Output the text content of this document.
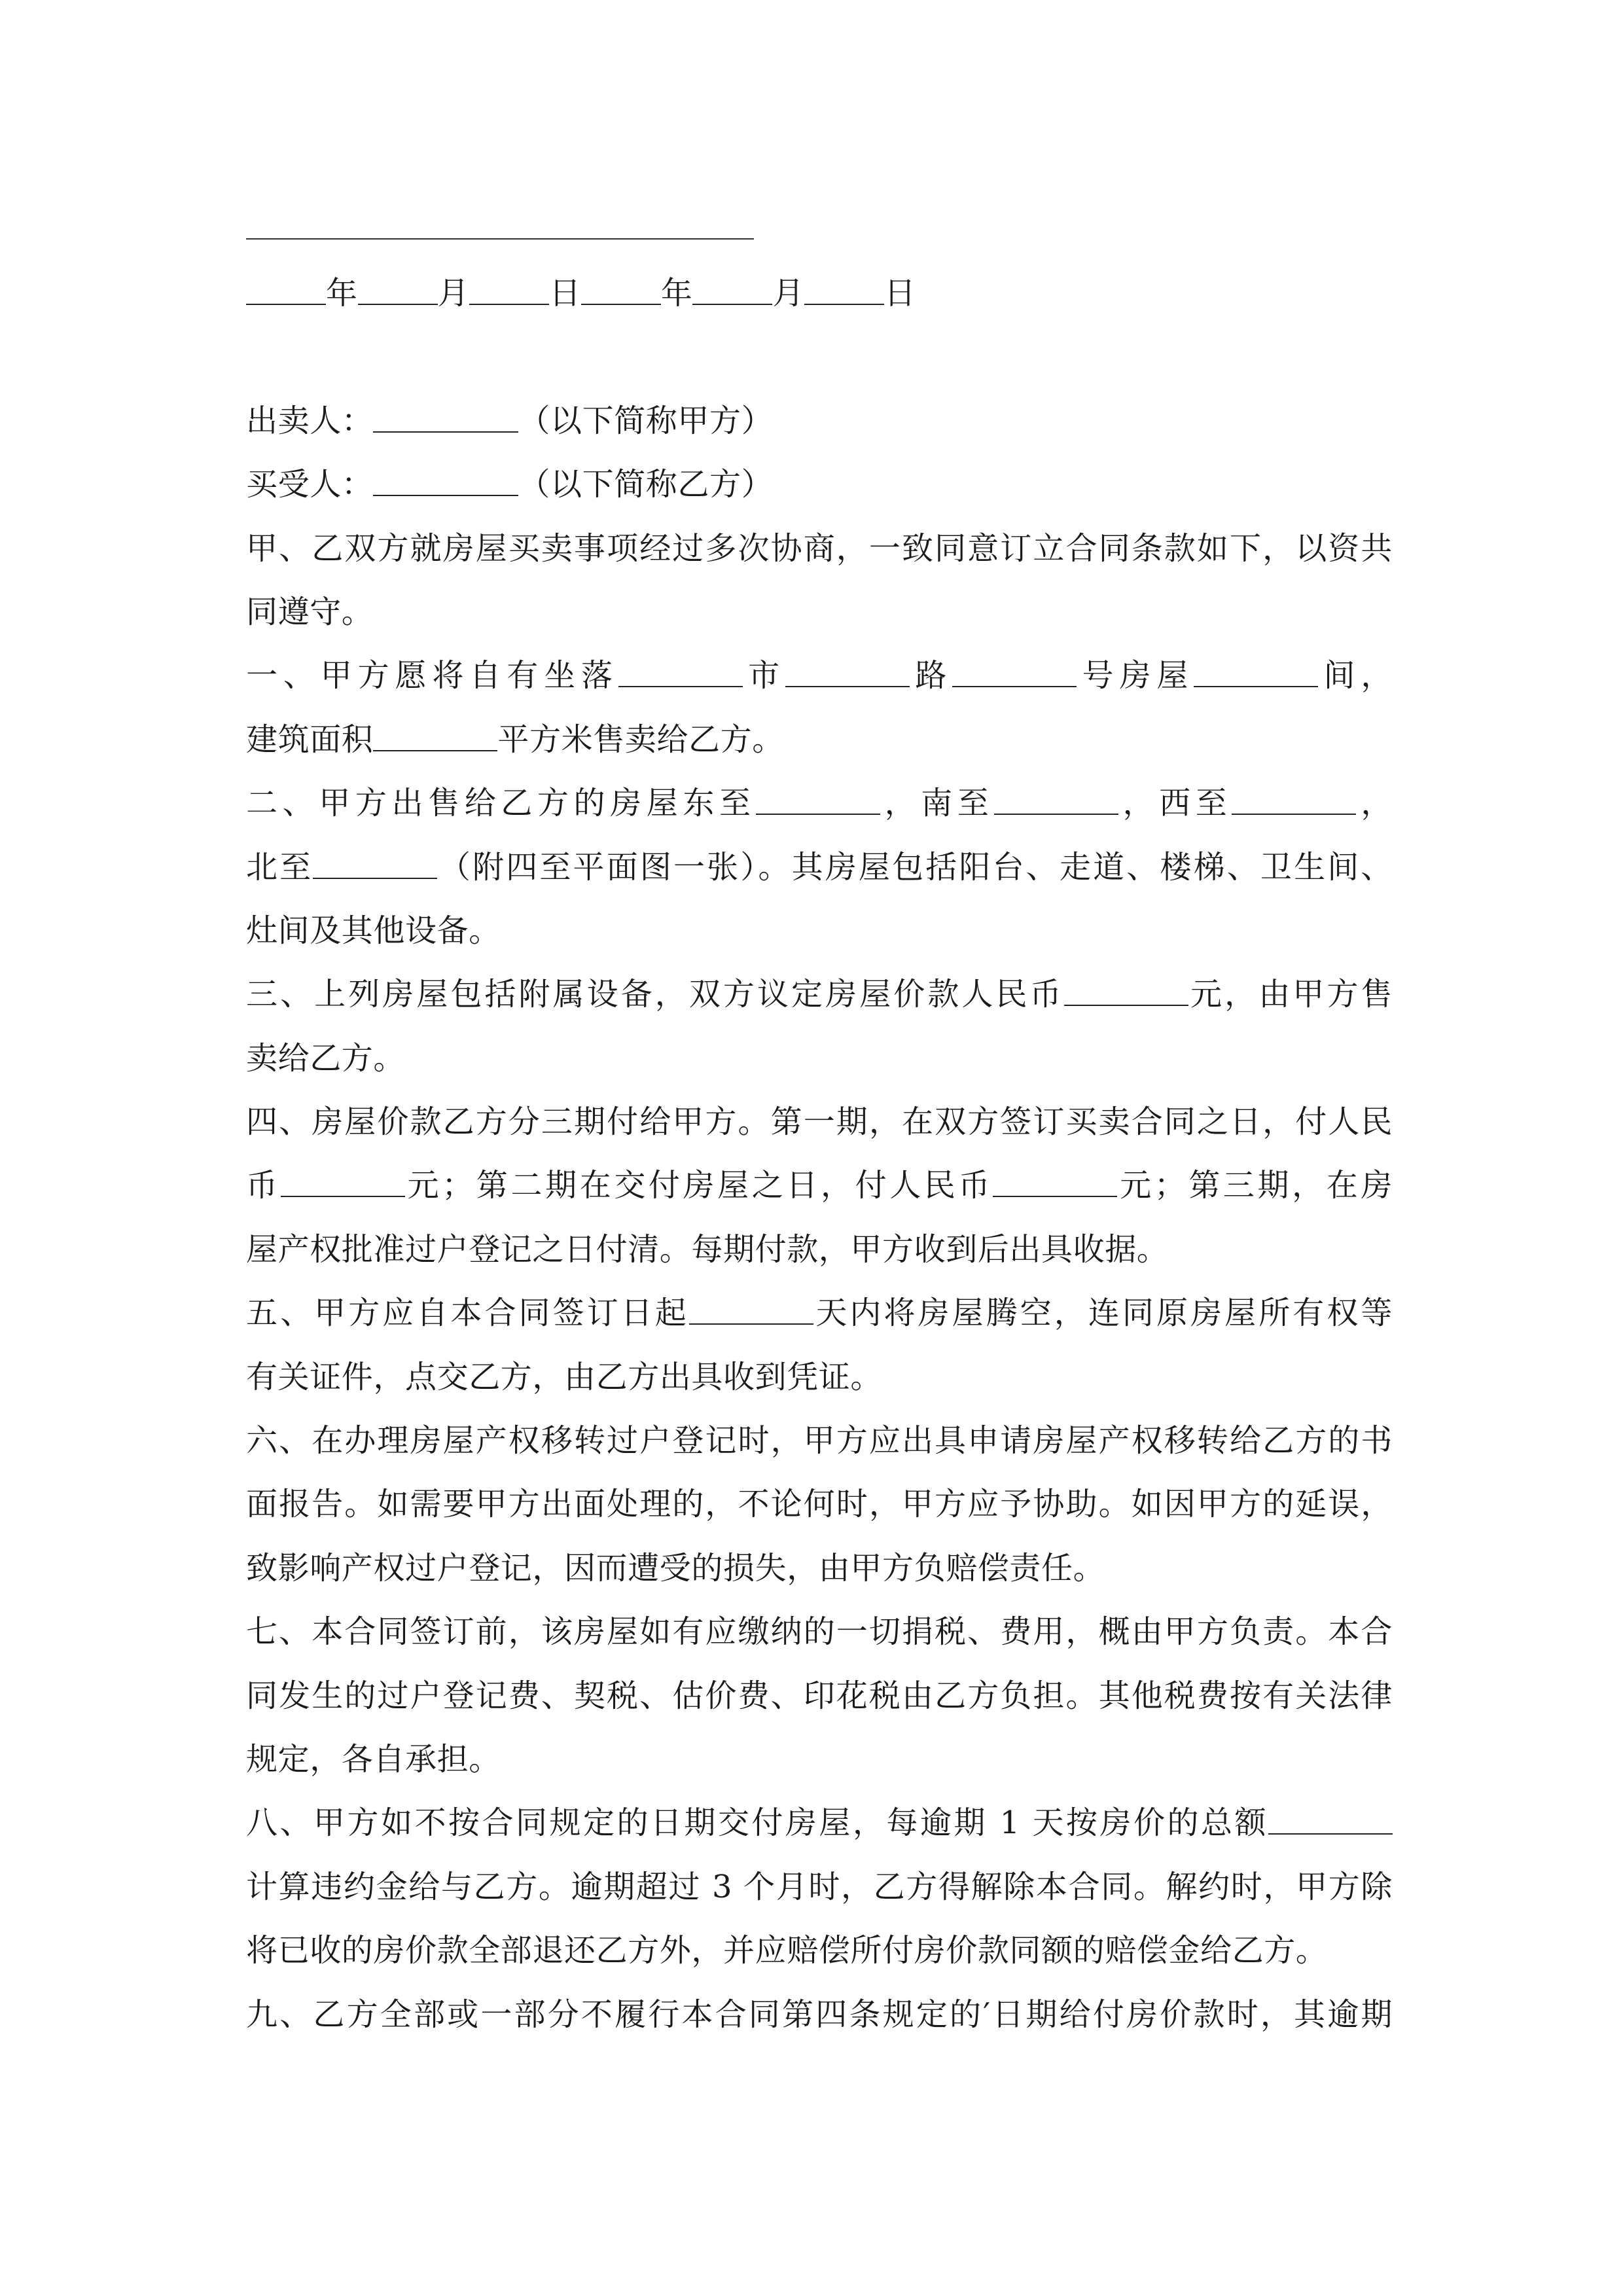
年	月	日	年	月	日
出卖人：	（以下简称甲方）
买受人：	（以下简称乙方）
甲、乙双方就房屋买卖事项经过多次协商，一致同意订立合同条款如下，以资共
同遵守。
一、甲方愿将自有坐落	市	路	号房屋	间，
建筑面积	平方米售卖给乙方。
二、甲方出售给乙方的房屋东至	，南至	，西至	，
北至	（附四至平面图一张）。其房屋包括阳台、走道、楼梯、卫生间、
灶间及其他设备。
三、上列房屋包括附属设备，双方议定房屋价款人民币	元，由甲方售
卖给乙方。
四、房屋价款乙方分三期付给甲方。第一期，在双方签订买卖合同之日，付人民
币	元；第二期在交付房屋之日，付人民币	元；第三期，在房
屋产权批准过户登记之日付清。每期付款，甲方收到后出具收据。
五、甲方应自本合同签订日起	天内将房屋腾空，连同原房屋所有权等
有关证件，点交乙方，由乙方出具收到凭证。
六、在办理房屋产权移转过户登记时，甲方应出具申请房屋产权移转给乙方的书
面报告。如需要甲方出面处理的，不论何时，甲方应予协助。如因甲方的延误，
致影响产权过户登记，因而遭受的损失，由甲方负赔偿责任。
七、本合同签订前，该房屋如有应缴纳的一切捐税、费用，概由甲方负责。本合
同发生的过户登记费、契税、估价费、印花税由乙方负担。其他税费按有关法律
规定，各自承担。
八、甲方如不按合同规定的日期交付房屋，每逾期 1 天按房价的总额
计算违约金给与乙方。逾期超过 3 个月时，乙方得解除本合同。解约时，甲方除
将已收的房价款全部退还乙方外，并应赔偿所付房价款同额的赔偿金给乙方。
九、乙方全部或一部分不履行本合同第四条规定的′日期给付房价款时，其逾期
